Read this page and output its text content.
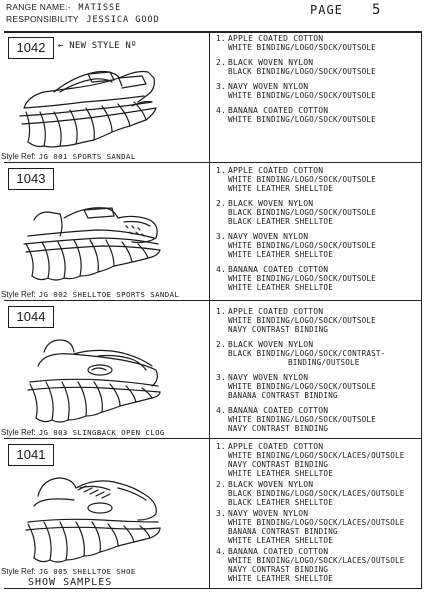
RANGE NAME:- MATISSE
RESPONSIBILITY JESSICA GOOD
PAGE 5
1042	← NEW STYLE Nº
Style Ref: JG 001 SPORTS SANDAL
1. APPLE COATED COTTON
WHITE BINDING/LOGO/SOCK/OUTSOLE
2. BLACK WOVEN NYLON
BLACK BINDING/LOGO/SOCK/OUTSOLE
3. NAVY WOVEN NYLON
WHITE BINDING/LOGO/SOCK/OUTSOLE
4. BANANA COATED COTTON
WHITE BINDING/LOGO/SOCK/OUTSOLE
1043
Style Ref: JG 002 SHELLTOE SPORTS SANDAL
1. APPLE COATED COTTON
WHITE BINDING/LOGO/SOCK/OUTSOLE
WHITE LEATHER SHELLTOE
2. BLACK WOVEN NYLON
BLACK BINDING/LOGO/SOCK/OUTSOLE
BLACK LEATHER SHELLTOE
3. NAVY WOVEN NYLON
WHITE BINDING/LOGO/SOCK/OUTSOLE
WHITE LEATHER SHELLTOE
4. BANANA COATED COTTON
WHITE BINDING/LOGO/SOCK/OUTSOLE
WHITE LEATHER SHELLTOE
1044
Style Ref: JG 003 SLINGBACK OPEN CLOG
1. APPLE COATED COTTON
WHITE BINDING/LOGO/SOCK/OUTSOLE
NAVY CONTRAST BINDING
2. BLACK WOVEN NYLON
BLACK BINDING/LOGO/SOCK/CONTRAST-
BINDING/OUTSOLE
3. NAVY WOVEN NYLON
WHITE BINDING/LOGO/SOCK/OUTSOLE
BANANA CONTRAST BINDING
4. BANANA COATED COTTON
WHITE BINDING/LOGO/SOCK/OUTSOLE
NAVY CONTRAST BINDING
1041
Style Ref: JG 005 SHELLTOE SHOE
1. APPLE COATED COTTON
WHITE BINDING/LOGO/SOCK/LACES/OUTSOLE
NAVY CONTRAST BINDING
WHITE LEATHER SHELLTOE
2. BLACK WOVEN NYLON
BLACK BINDING/LOGO/SOCK/LACES/OUTSOLE
BLACK LEATHER SHELLTOE
3. NAVY WOVEN NYLON
WHITE BINDING/LOGO/SOCK/LACES/OUTSOLE
BANANA CONTRAST BINDING
WHITE LEATHER SHELLTOE
4. BANANA COATED COTTON
WHITE BINDING/LOGO/SOCK/LACES/OUTSOLE
NAVY CONTRAST BINDING
WHITE LEATHER SHELLTOE
SHOW SAMPLES
